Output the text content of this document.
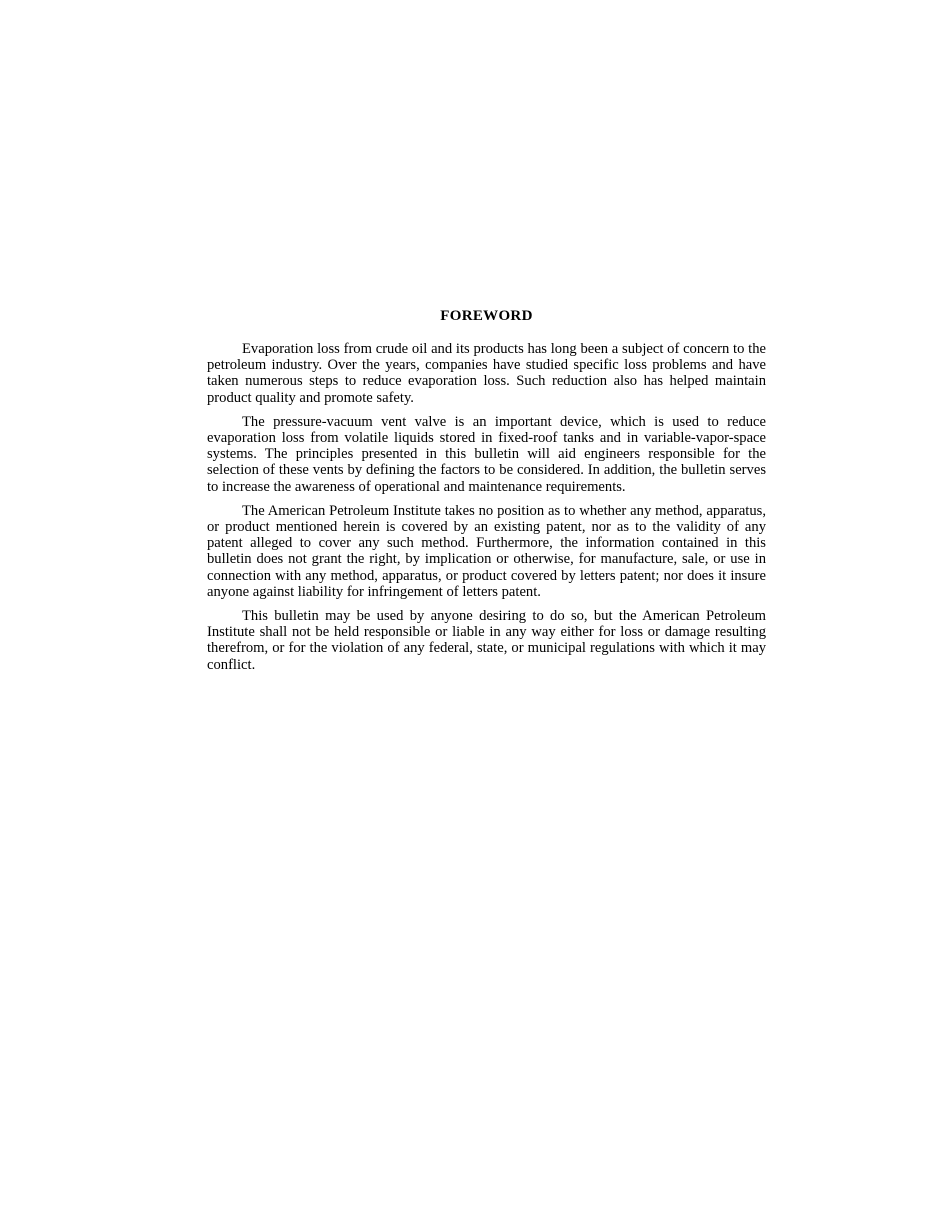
FOREWORD

Evaporation loss from crude oil and its products has long been a subject of concern to the petroleum industry. Over the years, companies have studied specific loss problems and have taken numerous steps to reduce evaporation loss. Such reduction also has helped maintain product quality and promote safety.

The pressure-vacuum vent valve is an important device, which is used to reduce evaporation loss from volatile liquids stored in fixed-roof tanks and in variable-vapor-space systems. The principles presented in this bulletin will aid engineers responsible for the selection of these vents by defining the factors to be considered. In addition, the bulletin serves to increase the awareness of operational and maintenance requirements.

The American Petroleum Institute takes no position as to whether any method, apparatus, or product mentioned herein is covered by an existing patent, nor as to the validity of any patent alleged to cover any such method. Furthermore, the information contained in this bulletin does not grant the right, by implication or otherwise, for manufacture, sale, or use in connection with any method, apparatus, or product covered by letters patent; nor does it insure anyone against liability for infringement of letters patent.

This bulletin may be used by anyone desiring to do so, but the American Petroleum Institute shall not be held responsible or liable in any way either for loss or damage resulting therefrom, or for the violation of any federal, state, or municipal regulations with which it may conflict.
